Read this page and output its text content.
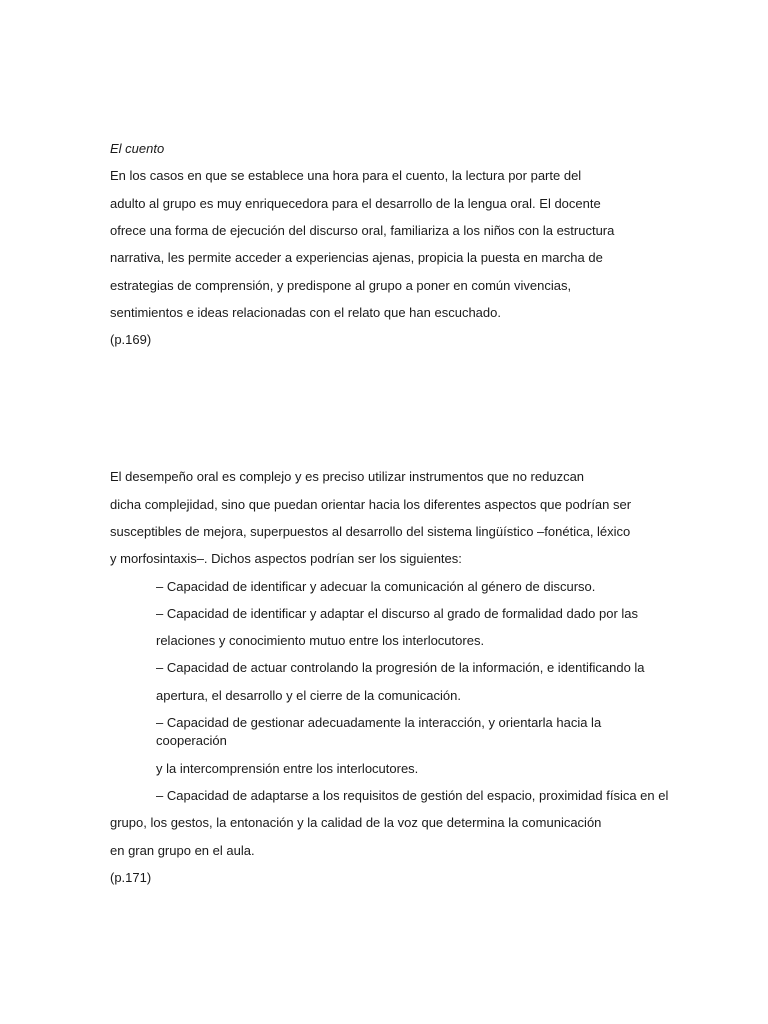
El cuento
En los casos en que se establece una hora para el cuento, la lectura por parte del
adulto al grupo es muy enriquecedora para el desarrollo de la lengua oral. El docente
ofrece una forma de ejecución del discurso oral, familiariza a los niños con la estructura
narrativa, les permite acceder a experiencias ajenas, propicia la puesta en marcha de
estrategias de comprensión, y predispone al grupo a poner en común vivencias,
sentimientos e ideas relacionadas con el relato que han escuchado.
(p.169)
El desempeño oral es complejo y es preciso utilizar instrumentos que no reduzcan
dicha complejidad, sino que puedan orientar hacia los diferentes aspectos que podrían ser
susceptibles de mejora, superpuestos al desarrollo del sistema lingüístico –fonética, léxico
y morfosintaxis–. Dichos aspectos podrían ser los siguientes:
– Capacidad de identificar y adecuar la comunicación al género de discurso.
– Capacidad de identificar y adaptar el discurso al grado de formalidad dado por las
relaciones y conocimiento mutuo entre los interlocutores.
– Capacidad de actuar controlando la progresión de la información, e identificando la
apertura, el desarrollo y el cierre de la comunicación.
– Capacidad de gestionar adecuadamente la interacción, y orientarla hacia la
cooperación
y la intercomprensión entre los interlocutores.
– Capacidad de adaptarse a los requisitos de gestión del espacio, proximidad física en el
grupo, los gestos, la entonación y la calidad de la voz que determina la comunicación
en gran grupo en el aula.
(p.171)
